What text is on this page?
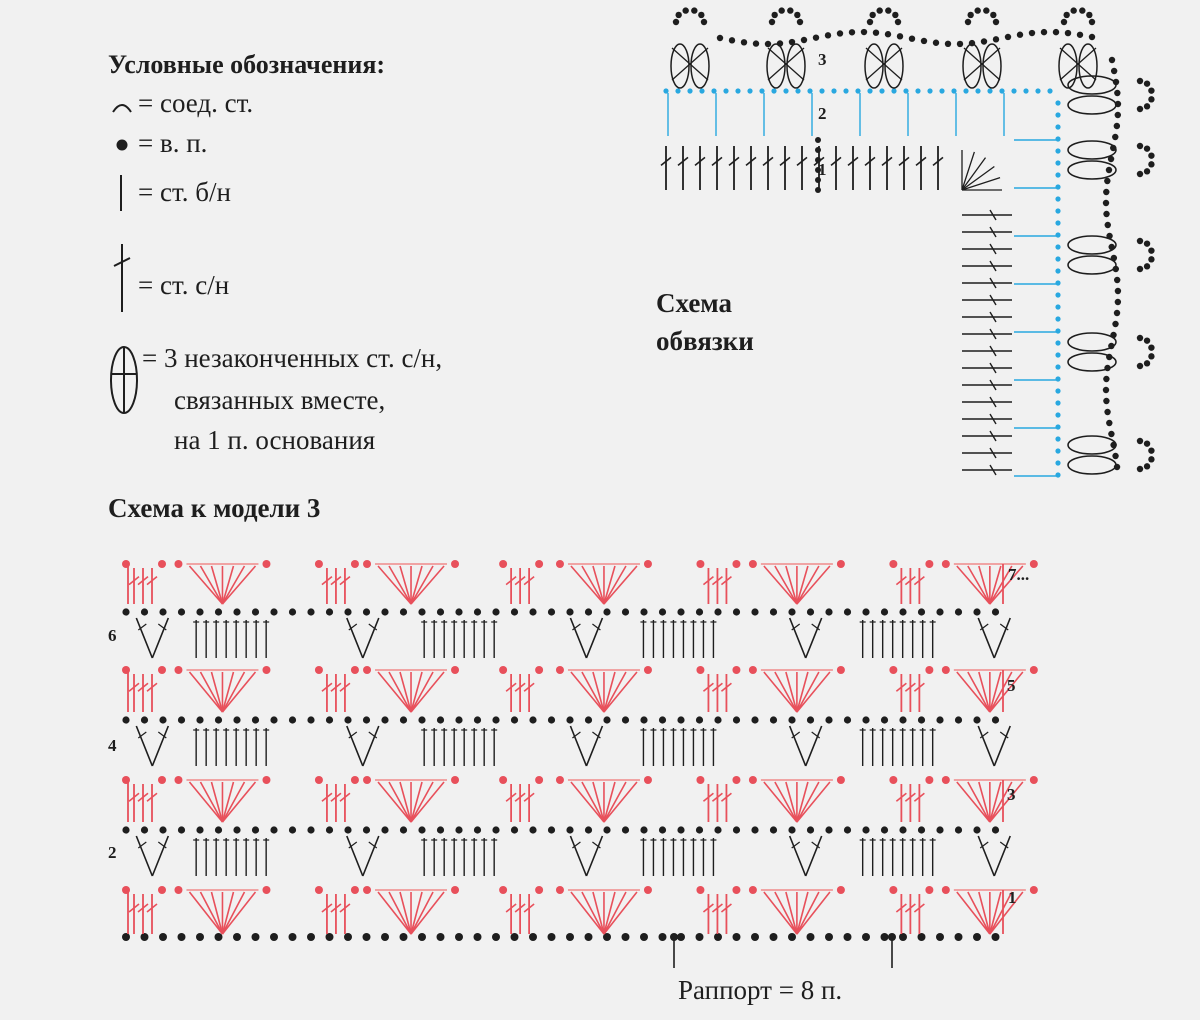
Условные обозначения:
= соед. ст.
= в. п.
= ст. б/н
= ст. с/н
= 3 незаконченных ст. с/н,
связанных вместе,
на 1 п. основания
Схема
обвязки
Схема к модели 3
7...
6
5
4
3
2
1
3
2
1
Раппорт = 8 п.
